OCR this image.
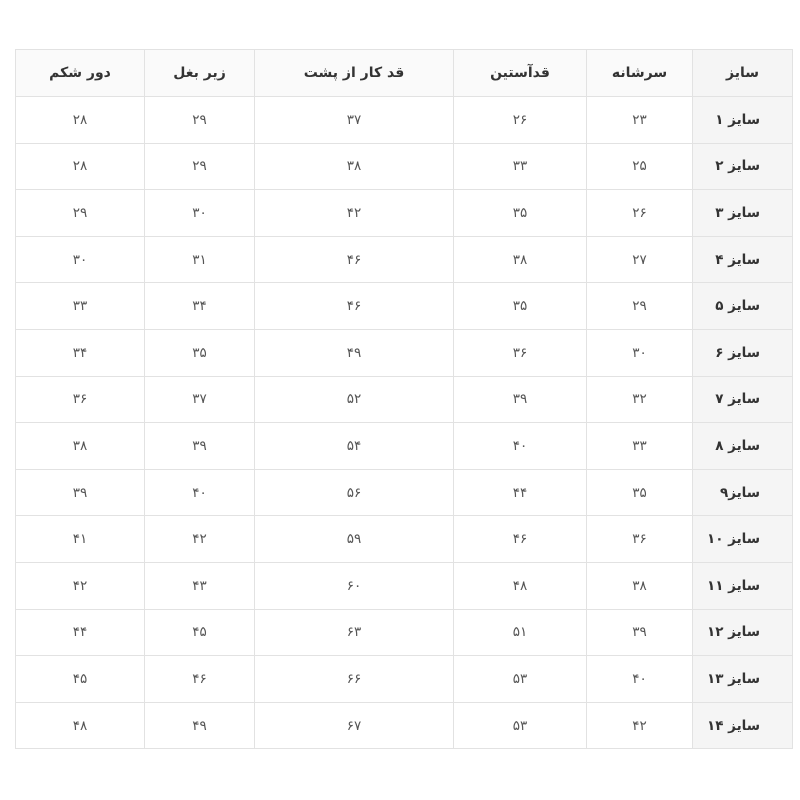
سایز	سرشانه	قدآستین	قد کار از پشت	زیر بغل	دور شکم
سایز ۱	۲۳	۲۶	۳۷	۲۹	۲۸
سایز ۲	۲۵	۳۳	۳۸	۲۹	۲۸
سایز ۳	۲۶	۳۵	۴۲	۳۰	۲۹
سایز ۴	۲۷	۳۸	۴۶	۳۱	۳۰
سایز ۵	۲۹	۳۵	۴۶	۳۴	۳۳
سایز ۶	۳۰	۳۶	۴۹	۳۵	۳۴
سایز ۷	۳۲	۳۹	۵۲	۳۷	۳۶
سایز ۸	۳۳	۴۰	۵۴	۳۹	۳۸
سایز۹	۳۵	۴۴	۵۶	۴۰	۳۹
سایز ۱۰	۳۶	۴۶	۵۹	۴۲	۴۱
سایز ۱۱	۳۸	۴۸	۶۰	۴۳	۴۲
سایز ۱۲	۳۹	۵۱	۶۳	۴۵	۴۴
سایز ۱۳	۴۰	۵۳	۶۶	۴۶	۴۵
سایز ۱۴	۴۲	۵۳	۶۷	۴۹	۴۸
